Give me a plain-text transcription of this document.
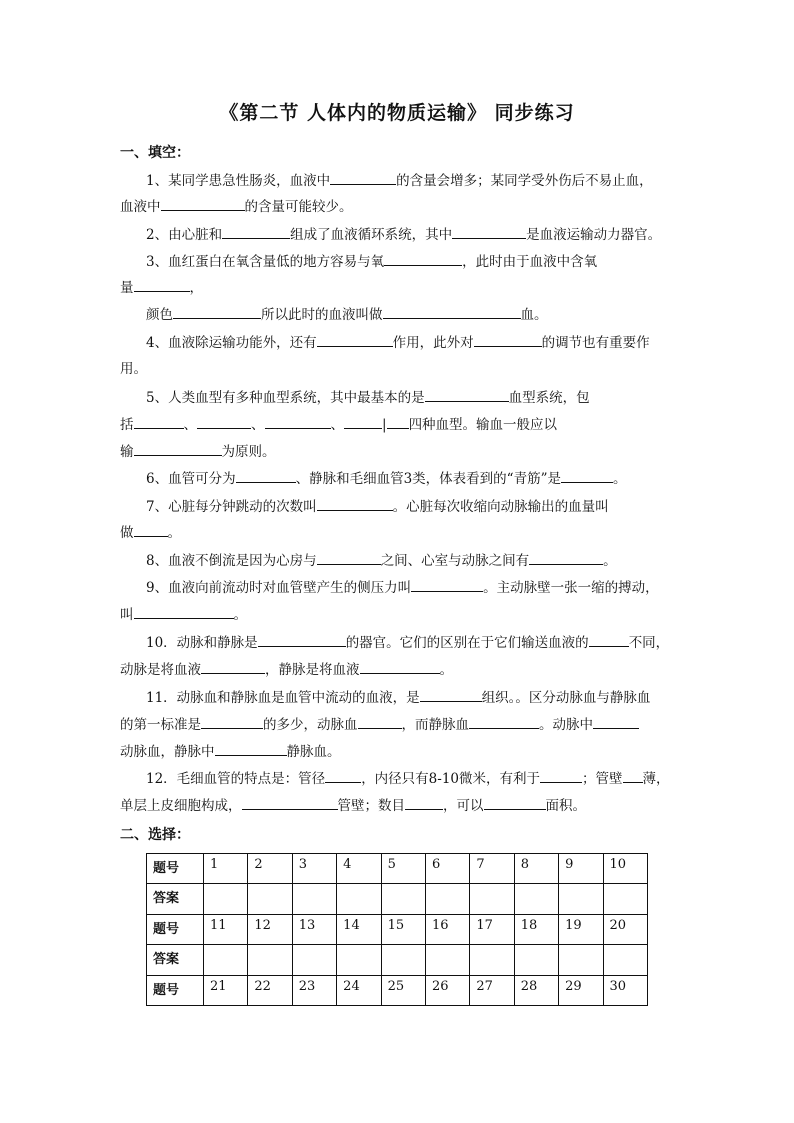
《第二节 人体内的物质运输》 同步练习
一、填空：
1、某同学患急性肠炎，血液中	的含量会增多；某同学受外伤后不易止血，
血液中	的含量可能较少。
2、由心脏和	组成了血液循环系统，其中	是血液运输动力器官。
3、血红蛋白在氧含量低的地方容易与氧	，此时由于血液中含氧
量	，
颜色	所以此时的血液叫做	血。
4、血液除运输功能外，还有	作用，此外对	的调节也有重要作
用。
5、人类血型有多种血型系统，其中最基本的是	血型系统，包
括	、	、	、	| 四种血型。输血一般应以
输	为原则。
6、血管可分为	、静脉和毛细血管3类，体表看到的“青筋”是	。
7、心脏每分钟跳动的次数叫	。心脏每次收缩向动脉输出的血量叫
做	。
8、血液不倒流是因为心房与	之间、心室与动脉之间有	。
9、血液向前流动时对血管壁产生的侧压力叫	。主动脉壁一张一缩的搏动，
叫	。
10．动脉和静脉是	的器官。它们的区别在于它们输送血液的	不同，
动脉是将血液	，静脉是将血液	。
11．动脉血和静脉血是血管中流动的血液，是	组织。。区分动脉血与静脉血
的第一标准是	的多少，动脉血	，而静脉血	。动脉中
动脉血，静脉中	静脉血。
12．毛细血管的特点是：管径	，内径只有8-10微米，有利于	；管壁 薄，
单层上皮细胞构成，	管壁；数目	，可以	面积。
二、选择：
题号	1	2	3	4	5	6	7	8	9	10
答案										
题号	11	12	13	14	15	16	17	18	19	20
答案										
题号	21	22	23	24	25	26	27	28	29	30
